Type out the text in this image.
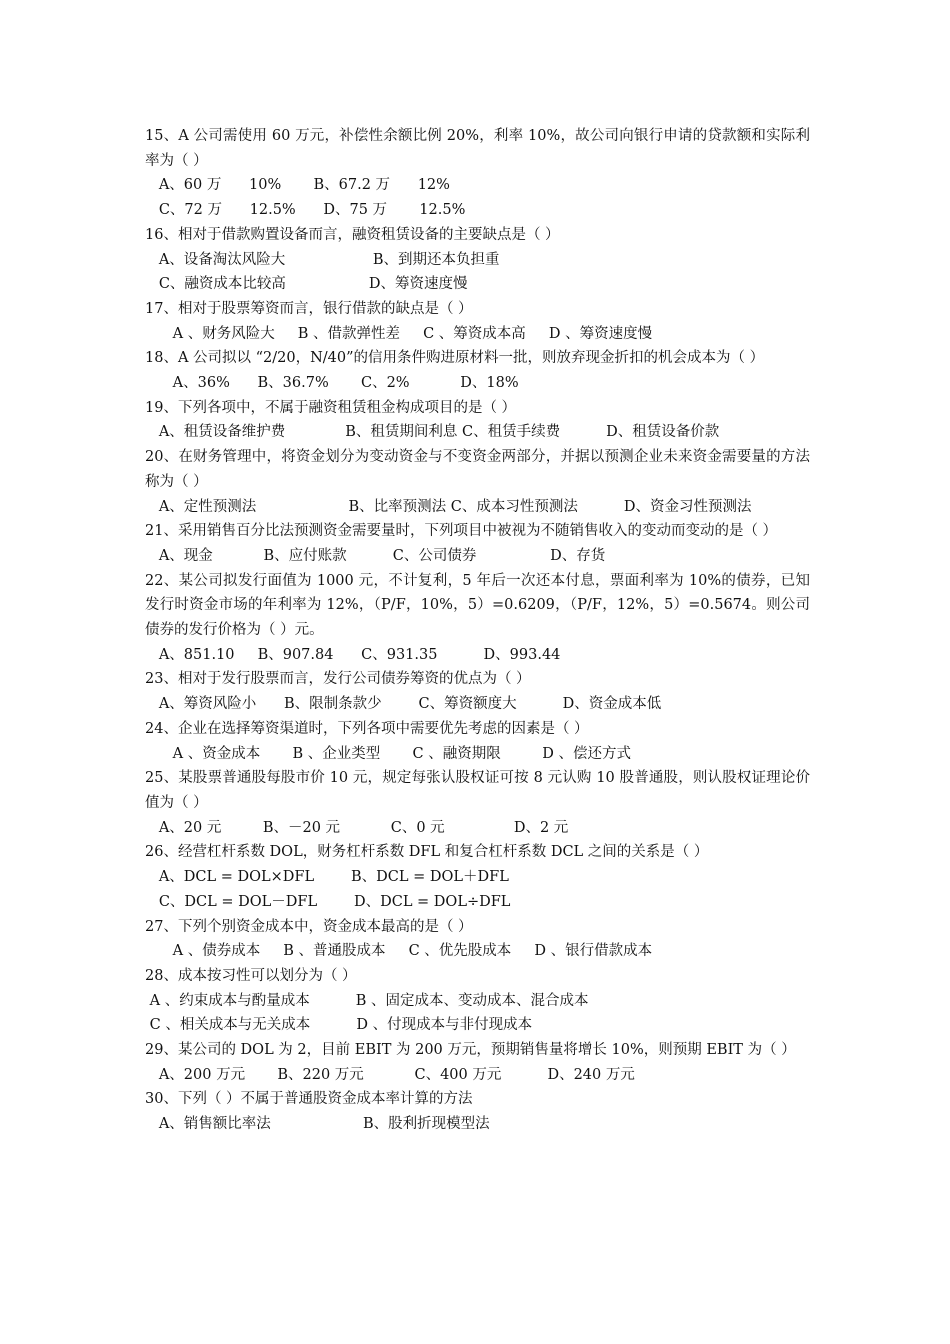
15、A 公司需使用 60 万元，补偿性余额比例 20%，利率 10%，故公司向银行申请的贷款额和实际利率为（ ）

A、60 万      10%       B、67.2 万      12%

C、72 万      12.5%      D、75 万       12.5%

16、相对于借款购置设备而言，融资租赁设备的主要缺点是（ ）

A、设备淘汰风险大                   B、到期还本负担重

C、融资成本比较高                  D、筹资速度慢

17、相对于股票筹资而言，银行借款的缺点是（ ）

A 、财务风险大     B 、借款弹性差     C 、筹资成本高     D 、筹资速度慢

18、A 公司拟以 “2/20，N/40”的信用条件购进原材料一批，则放弃现金折扣的机会成本为（ ）

A、36%      B、36.7%       C、2%           D、18%

19、下列各项中，不属于融资租赁租金构成项目的是（ ）

A、租赁设备维护费             B、租赁期间利息 C、租赁手续费          D、租赁设备价款

20、在财务管理中，将资金划分为变动资金与不变资金两部分，并据以预测企业未来资金需要量的方法称为（ ）

A、定性预测法                    B、比率预测法 C、成本习性预测法          D、资金习性预测法

21、采用销售百分比法预测资金需要量时，下列项目中被视为不随销售收入的变动而变动的是（ ）

A、现金           B、应付账款          C、公司债券                D、存货

22、某公司拟发行面值为 1000 元，不计复利，5 年后一次还本付息，票面利率为 10%的债券，已知发行时资金市场的年利率为 12%，（P/F，10%，5）=0.6209，（P/F，12%，5）=0.5674。则公司债券的发行价格为（ ）元。

A、851.10     B、907.84      C、931.35          D、993.44

23、相对于发行股票而言，发行公司债券筹资的优点为（ ）

A、筹资风险小      B、限制条款少        C、筹资额度大          D、资金成本低

24、企业在选择筹资渠道时，下列各项中需要优先考虑的因素是（ ）

A 、资金成本       B 、企业类型       C 、融资期限         D 、偿还方式

25、某股票普通股每股市价 10 元，规定每张认股权证可按 8 元认购 10 股普通股，则认股权证理论价值为（ ）

A、20 元         B、－20 元           C、0 元               D、2 元

26、经营杠杆系数 DOL，财务杠杆系数 DFL 和复合杠杆系数 DCL 之间的关系是（ ）

A、DCL = DOL×DFL        B、DCL = DOL＋DFL

C、DCL = DOL－DFL        D、DCL = DOL÷DFL

27、下列个别资金成本中，资金成本最高的是（ ）

A 、债券成本     B 、普通股成本     C 、优先股成本     D 、银行借款成本

28、成本按习性可以划分为（ ）

A 、约束成本与酌量成本          B 、固定成本、变动成本、混合成本

C 、相关成本与无关成本          D 、付现成本与非付现成本

29、某公司的 DOL 为 2，目前 EBIT 为 200 万元，预期销售量将增长 10%，则预期 EBIT 为（ ）

A、200 万元       B、220 万元           C、400 万元          D、240 万元

30、下列（ ）不属于普通股资金成本率计算的方法

A、销售额比率法                    B、股利折现模型法
